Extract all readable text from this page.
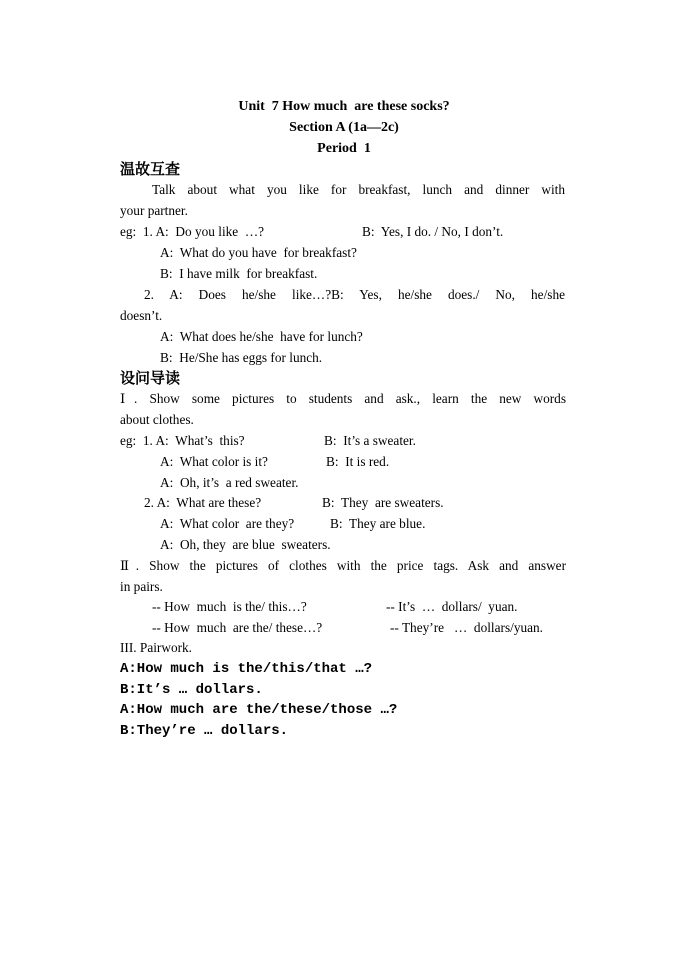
Unit  7 How much  are these socks?
Section A (1a—2c)
Period  1
温故互查
Talk about what you like for breakfast, lunch and dinner with
your partner.
eg:  1. A:  Do you like  …?	B:  Yes, I do. / No, I don’t.
A:  What do you have  for breakfast?
B:  I have milk  for breakfast.
2. A: Does he/she like…?B: Yes, he/she does./ No, he/she
doesn’t.
A:  What does he/she  have for lunch?
B:  He/She has eggs for lunch.
设问导读
Ⅰ. Show some pictures to students and ask., learn the new words
about clothes.
eg:  1. A:  What’s  this?	B:  It’s a sweater.
A:  What color is it?	B:  It is red.
A:  Oh, it’s  a red sweater.
2. A:  What are these?	B:  They  are sweaters.
A:  What color  are they?	B:  They are blue.
A:  Oh, they  are blue  sweaters.
Ⅱ. Show the pictures of clothes with the price tags. Ask and answer
in pairs.
-- How  much  is the/ this…?	-- It’s  …  dollars/  yuan.
-- How  much  are the/ these…?	-- They’re   …  dollars/yuan.
III. Pairwork.
A:How much is the/this/that …?
B:It’s … dollars.
A:How much are the/these/those …?
B:They’re … dollars.
